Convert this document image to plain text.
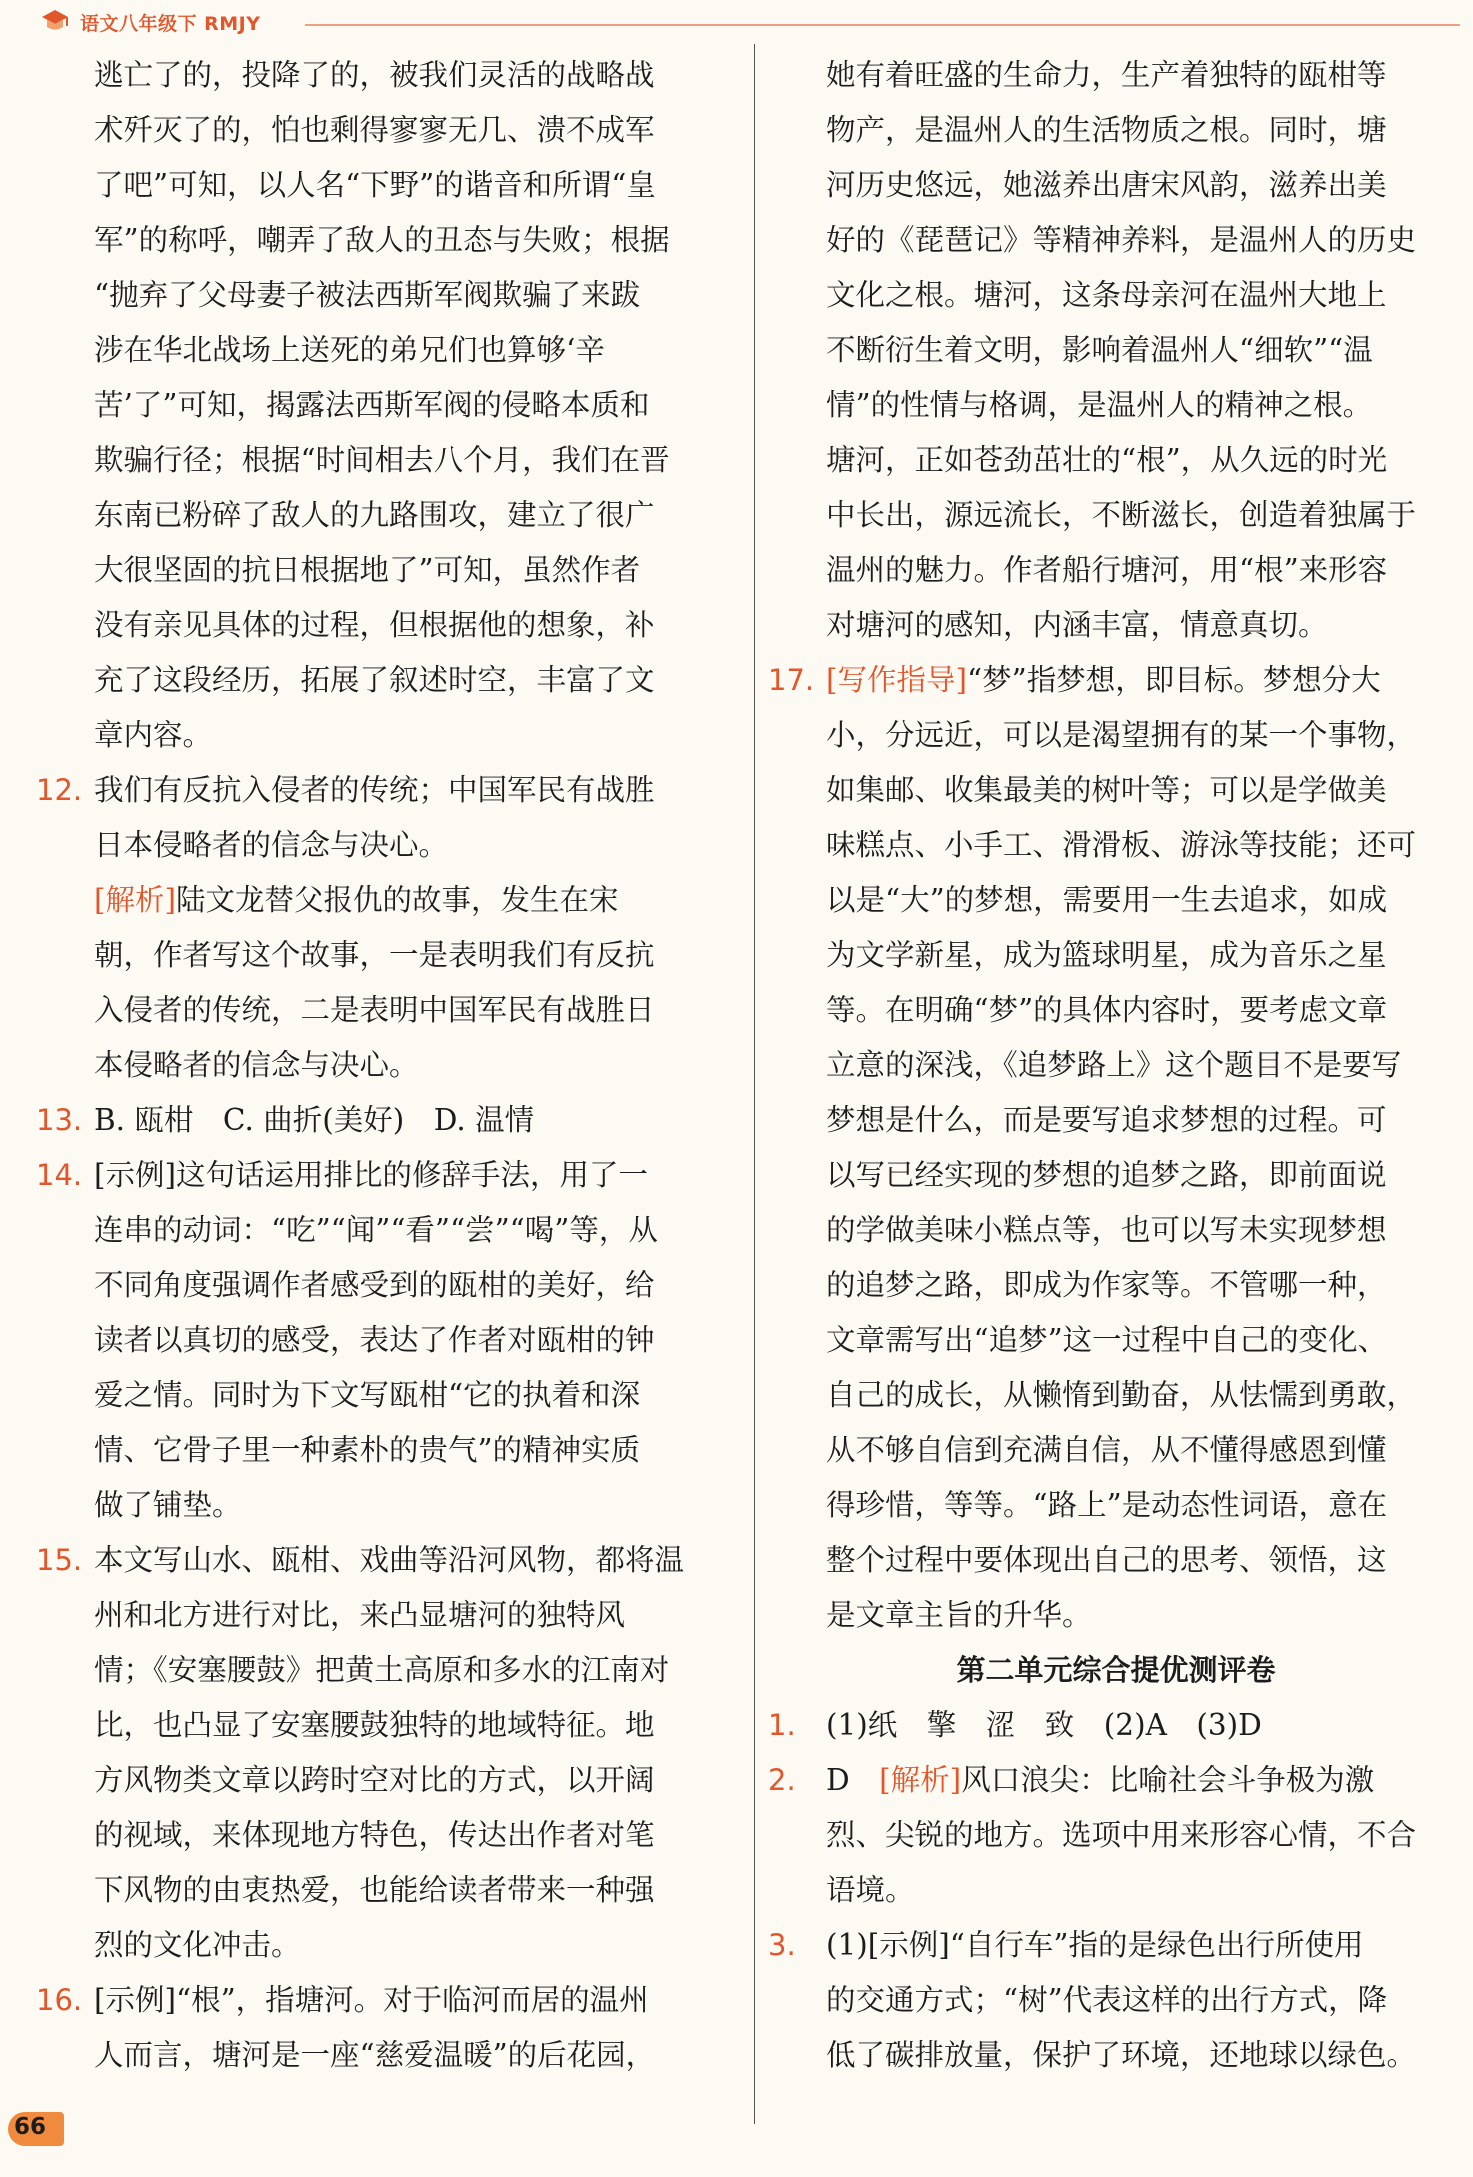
语文八年级下 RMJY
逃亡了的，投降了的，被我们灵活的战略战
术歼灭了的，怕也剩得寥寥无几、溃不成军
了吧”可知，以人名“下野”的谐音和所谓“皇
军”的称呼，嘲弄了敌人的丑态与失败；根据
“抛弃了父母妻子被法西斯军阀欺骗了来跋
涉在华北战场上送死的弟兄们也算够‘辛
苦’了”可知，揭露法西斯军阀的侵略本质和
欺骗行径；根据“时间相去八个月，我们在晋
东南已粉碎了敌人的九路围攻，建立了很广
大很坚固的抗日根据地了”可知，虽然作者
没有亲见具体的过程，但根据他的想象，补
充了这段经历，拓展了叙述时空，丰富了文
章内容。
12. 我们有反抗入侵者的传统；中国军民有战胜
日本侵略者的信念与决心。
[解析]陆文龙替父报仇的故事，发生在宋
朝，作者写这个故事，一是表明我们有反抗
入侵者的传统，二是表明中国军民有战胜日
本侵略者的信念与决心。
13. B. 瓯柑　C. 曲折(美好)　D. 温情
14. [示例]这句话运用排比的修辞手法，用了一
连串的动词：“吃”“闻”“看”“尝”“喝”等，从
不同角度强调作者感受到的瓯柑的美好，给
读者以真切的感受，表达了作者对瓯柑的钟
爱之情。同时为下文写瓯柑“它的执着和深
情、它骨子里一种素朴的贵气”的精神实质
做了铺垫。
15. 本文写山水、瓯柑、戏曲等沿河风物，都将温
州和北方进行对比，来凸显塘河的独特风
情；《安塞腰鼓》把黄土高原和多水的江南对
比，也凸显了安塞腰鼓独特的地域特征。地
方风物类文章以跨时空对比的方式，以开阔
的视域，来体现地方特色，传达出作者对笔
下风物的由衷热爱，也能给读者带来一种强
烈的文化冲击。
16. [示例]“根”，指塘河。对于临河而居的温州
人而言，塘河是一座“慈爱温暖”的后花园，
她有着旺盛的生命力，生产着独特的瓯柑等
物产，是温州人的生活物质之根。同时，塘
河历史悠远，她滋养出唐宋风韵，滋养出美
好的《琵琶记》等精神养料，是温州人的历史
文化之根。塘河，这条母亲河在温州大地上
不断衍生着文明，影响着温州人“细软”“温
情”的性情与格调，是温州人的精神之根。
塘河，正如苍劲茁壮的“根”，从久远的时光
中长出，源远流长，不断滋长，创造着独属于
温州的魅力。作者船行塘河，用“根”来形容
对塘河的感知，内涵丰富，情意真切。
17. [写作指导]“梦”指梦想，即目标。梦想分大
小，分远近，可以是渴望拥有的某一个事物，
如集邮、收集最美的树叶等；可以是学做美
味糕点、小手工、滑滑板、游泳等技能；还可
以是“大”的梦想，需要用一生去追求，如成
为文学新星，成为篮球明星，成为音乐之星
等。在明确“梦”的具体内容时，要考虑文章
立意的深浅，《追梦路上》这个题目不是要写
梦想是什么，而是要写追求梦想的过程。可
以写已经实现的梦想的追梦之路，即前面说
的学做美味小糕点等，也可以写未实现梦想
的追梦之路，即成为作家等。不管哪一种，
文章需写出“追梦”这一过程中自己的变化、
自己的成长，从懒惰到勤奋，从怯懦到勇敢，
从不够自信到充满自信，从不懂得感恩到懂
得珍惜，等等。“路上”是动态性词语，意在
整个过程中要体现出自己的思考、领悟，这
是文章主旨的升华。
第二单元综合提优测评卷
1. (1)纸　擎　涩　致　(2)A　(3)D
2. D　[解析]风口浪尖：比喻社会斗争极为激
烈、尖锐的地方。选项中用来形容心情，不合
语境。
3. (1)[示例]“自行车”指的是绿色出行所使用
的交通方式；“树”代表这样的出行方式，降
低了碳排放量，保护了环境，还地球以绿色。
66
